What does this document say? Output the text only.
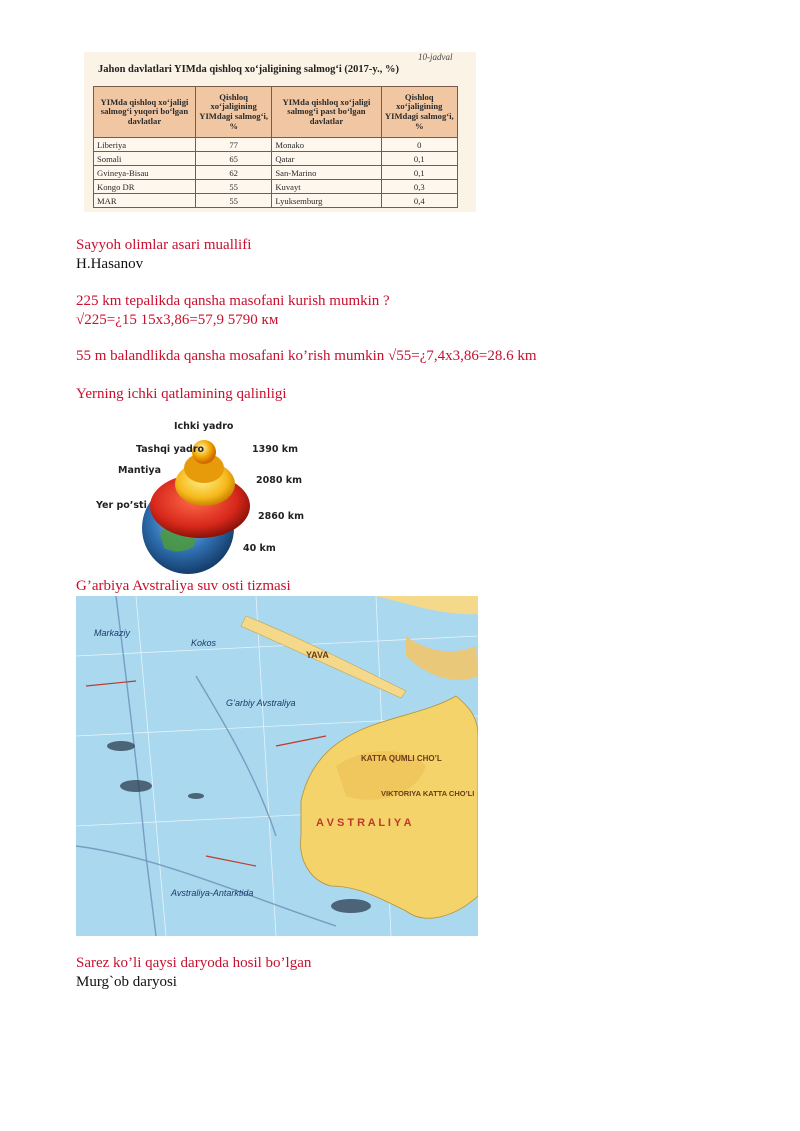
10-jadval
Jahon davlatlari YIMda qishloq xo‘jaligining salmog‘i (2017-y., %)
YIMda qishloq xo‘jaligi salmog‘i yuqori bo‘lgan davlatlar	Qishloq xo‘jaligining YIMdagi salmog‘i, %	YIMda qishloq xo‘jaligi salmog‘i past bo‘lgan davlatlar	Qishloq xo‘jaligining YIMdagi salmog‘i, %
Liberiya	77	Monako	0
Somali	65	Qatar	0,1
Gvineya-Bisau	62	San-Marino	0,1
Kongo DR	55	Kuvayt	0,3
MAR	55	Lyuksemburg	0,4
Sayyoh olimlar asari muallifi
H.Hasanov
225 km tepalikda qansha masofani kurish mumkin ?
√225=¿15 15x3,86=57,9 5790 км
55 m balandlikda qansha mosafani ko’rish mumkin √55=¿7,4x3,86=28.6 km
Yerning ichki qatlamining qalinligi
Ichki yadro
Tashqi yadro
Mantiya
Yer po’sti
1390 km
2080 km
2860 km
40 km
G’arbiya Avstraliya suv osti tizmasi
Markaziy
Kokos
YAVA
G’arbiy Avstraliya
KATTA QUMLI CHO’L
VIKTORIYA KATTA CHO’LI
A V S T R A L I Y A
Avstraliya-Antarktida
Sarez ko’li qaysi daryoda hosil bo’lgan
Murg`ob daryosi
